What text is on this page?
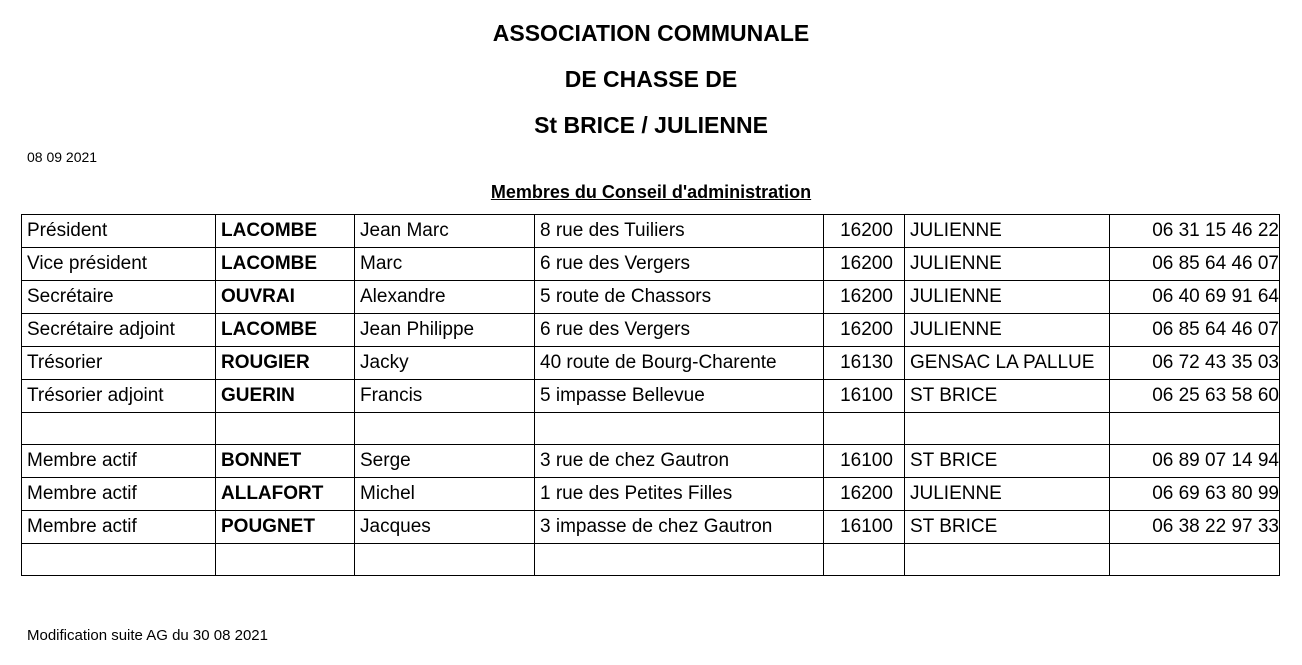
ASSOCIATION COMMUNALE
DE CHASSE DE
St BRICE / JULIENNE
08 09 2021
Membres du Conseil d'administration
Président	LACOMBE	Jean Marc	8 rue des Tuiliers	16200	JULIENNE	06 31 15 46 22
Vice président	LACOMBE	Marc	6 rue des Vergers	16200	JULIENNE	06 85 64 46 07
Secrétaire	OUVRAI	Alexandre	5 route de Chassors	16200	JULIENNE	06 40 69 91 64
Secrétaire adjoint	LACOMBE	Jean Philippe	6 rue des Vergers	16200	JULIENNE	06 85 64 46 07
Trésorier	ROUGIER	Jacky	40 route de Bourg-Charente	16130	GENSAC LA PALLUE	06 72 43 35 03
Trésorier adjoint	GUERIN	Francis	5 impasse Bellevue	16100	ST BRICE	06 25 63 58 60

Membre actif	BONNET	Serge	3 rue de chez Gautron	16100	ST BRICE	06 89 07 14 94
Membre actif	ALLAFORT	Michel	1 rue des Petites Filles	16200	JULIENNE	06 69 63 80 99
Membre actif	POUGNET	Jacques	3 impasse de chez Gautron	16100	ST BRICE	06 38 22 97 33

Modification suite AG du 30 08 2021
